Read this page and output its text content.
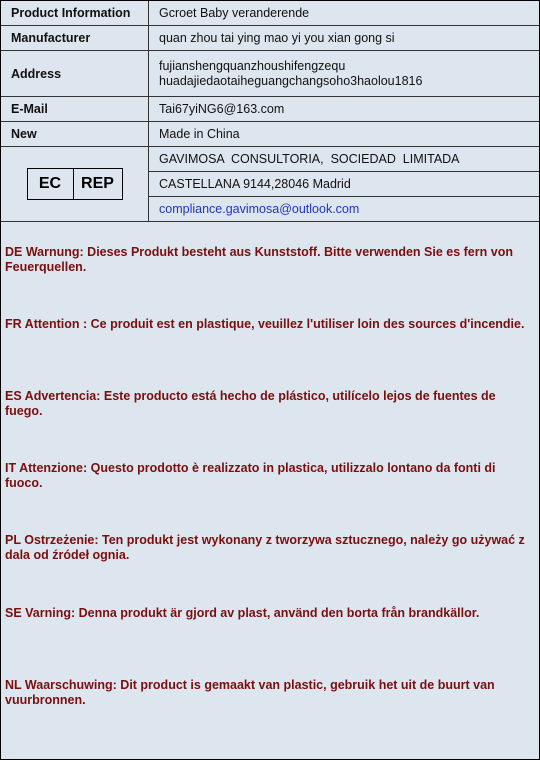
Product Information	Gcroet Baby veranderende
Manufacturer	quan zhou tai ying mao yi you xian gong si
Address	fujianshengquanzhoushifengzequ
huadajiedaotaiheguangchangsoho3haolou1816

E-Mail	Tai67yiNG6@163.com
New	Made in China

EC REP	GAVIMOSA  CONSULTORIA,  SOCIEDAD  LIMITADA
	CASTELLANA 9144,28046 Madrid
	compliance.gavimosa@outlook.com

DE Warnung: Dieses Produkt besteht aus Kunststoff. Bitte verwenden Sie es fern von Feuerquellen.

FR Attention : Ce produit est en plastique, veuillez l'utiliser loin des sources d'incendie.

ES Advertencia: Este producto está hecho de plástico, utilícelo lejos de fuentes de fuego.

IT Attenzione: Questo prodotto è realizzato in plastica, utilizzalo lontano da fonti di fuoco.

PL Ostrzeżenie: Ten produkt jest wykonany z tworzywa sztucznego, należy go używać z dala od źródeł ognia.

SE Varning: Denna produkt är gjord av plast, använd den borta från brandkällor.

NL Waarschuwing: Dit product is gemaakt van plastic, gebruik het uit de buurt van vuurbronnen.
